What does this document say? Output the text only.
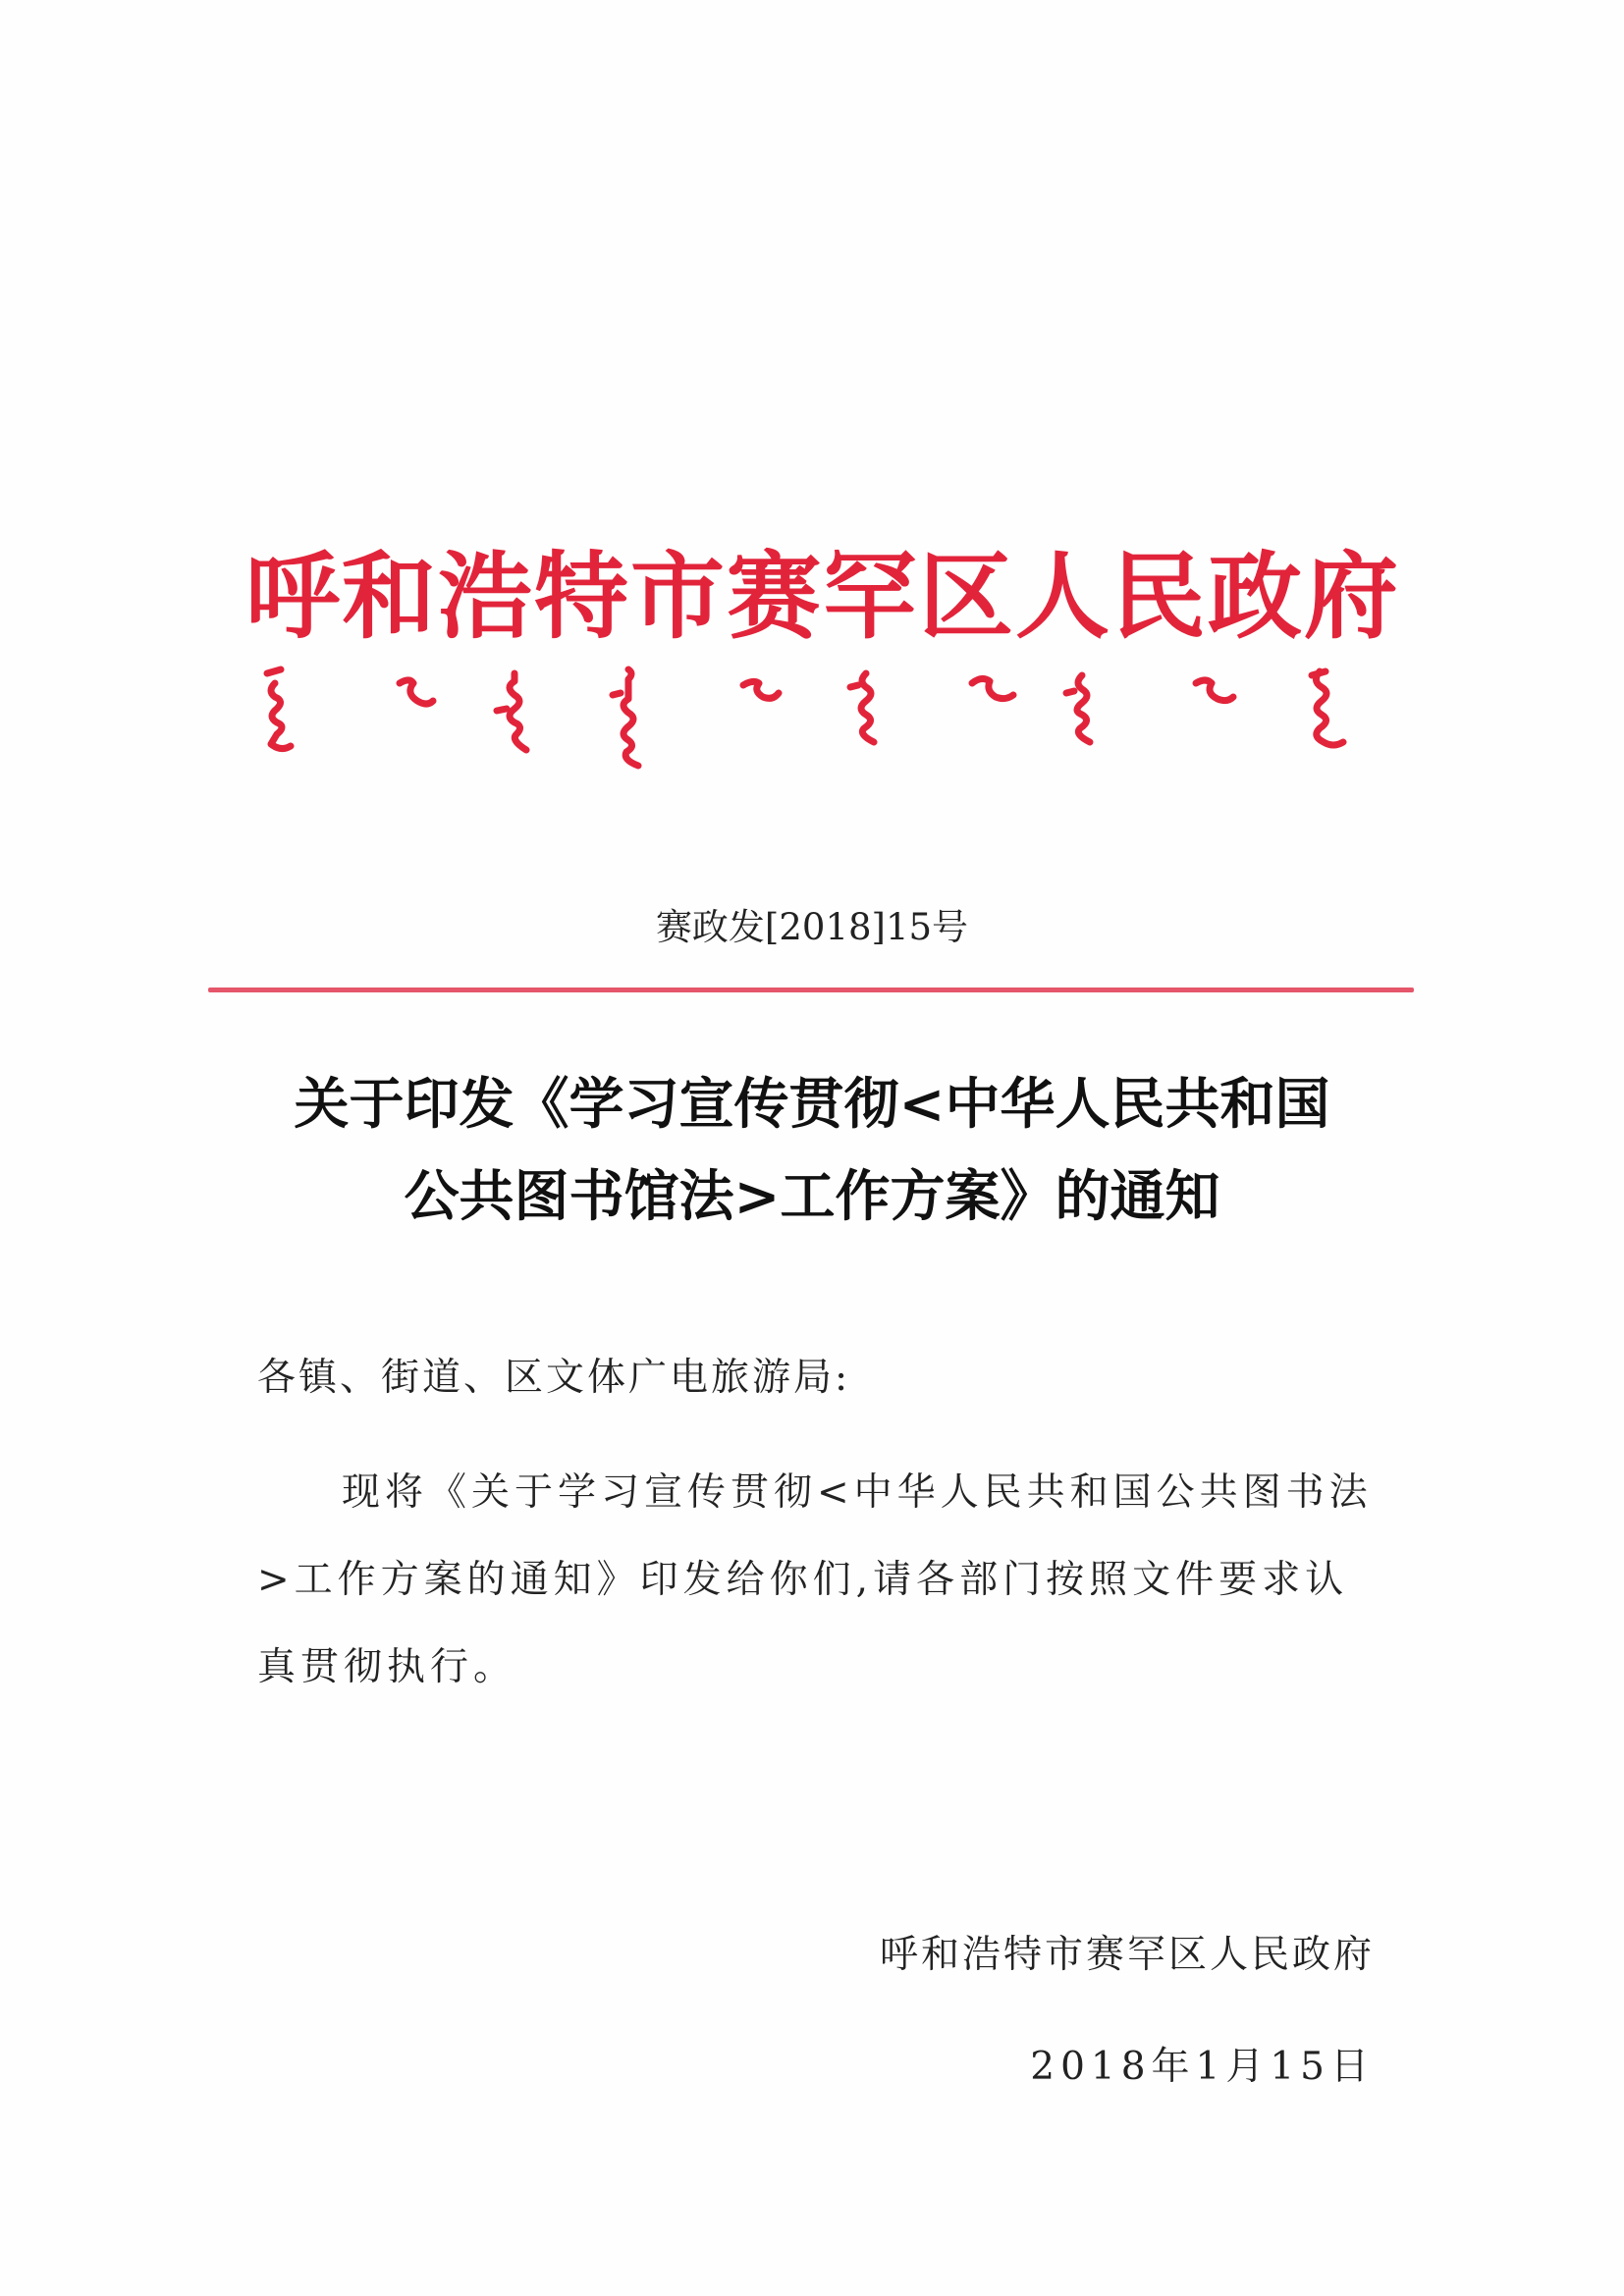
呼和浩特市赛罕区人民政府
赛政发[2018]15号
关于印发《学习宣传贯彻<中华人民共和国
公共图书馆法>工作方案》的通知
各镇、街道、区文体广电旅游局:
现将《关于学习宣传贯彻<中华人民共和国公共图书法>工作方案的通知》印发给你们,请各部门按照文件要求认真贯彻执行。
呼和浩特市赛罕区人民政府
2018年1月15日
